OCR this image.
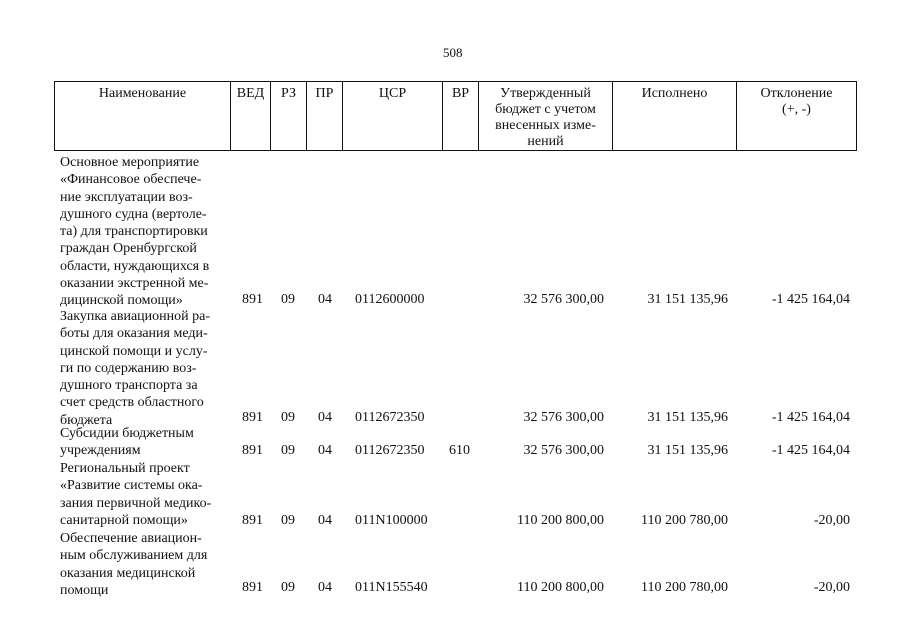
508
Наименование	ВЕД	РЗ	ПР	ЦСР	ВР	Утвержденный
бюджет с учетом
внесенных изме-
нений
Исполнено	Отклонение
(+, -)
Основное мероприятие
«Финансовое обеспече-
ние эксплуатации воз-
душного судна (вертоле-
та) для транспортировки
граждан Оренбургской
области, нуждающихся в
оказании экстренной ме-
дицинской помощи»	891 09 04 0112600000	32 576 300,00	31 151 135,96	-1 425 164,04
Закупка авиационной ра-
боты для оказания меди-
цинской помощи и услу-
ги по содержанию воз-
душного транспорта за
счет средств областного
бюджета	891 09 04 0112672350	32 576 300,00	31 151 135,96	-1 425 164,04
Субсидии бюджетным
учреждениям	891 09 04 0112672350 610	32 576 300,00	31 151 135,96	-1 425 164,04
Региональный проект
«Развитие системы ока-
зания первичной медико-
санитарной помощи»	891 09 04 011N100000	110 200 800,00	110 200 780,00	-20,00
Обеспечение авиацион-
ным обслуживанием для
оказания медицинской
помощи	891 09 04 011N155540	110 200 800,00	110 200 780,00	-20,00
